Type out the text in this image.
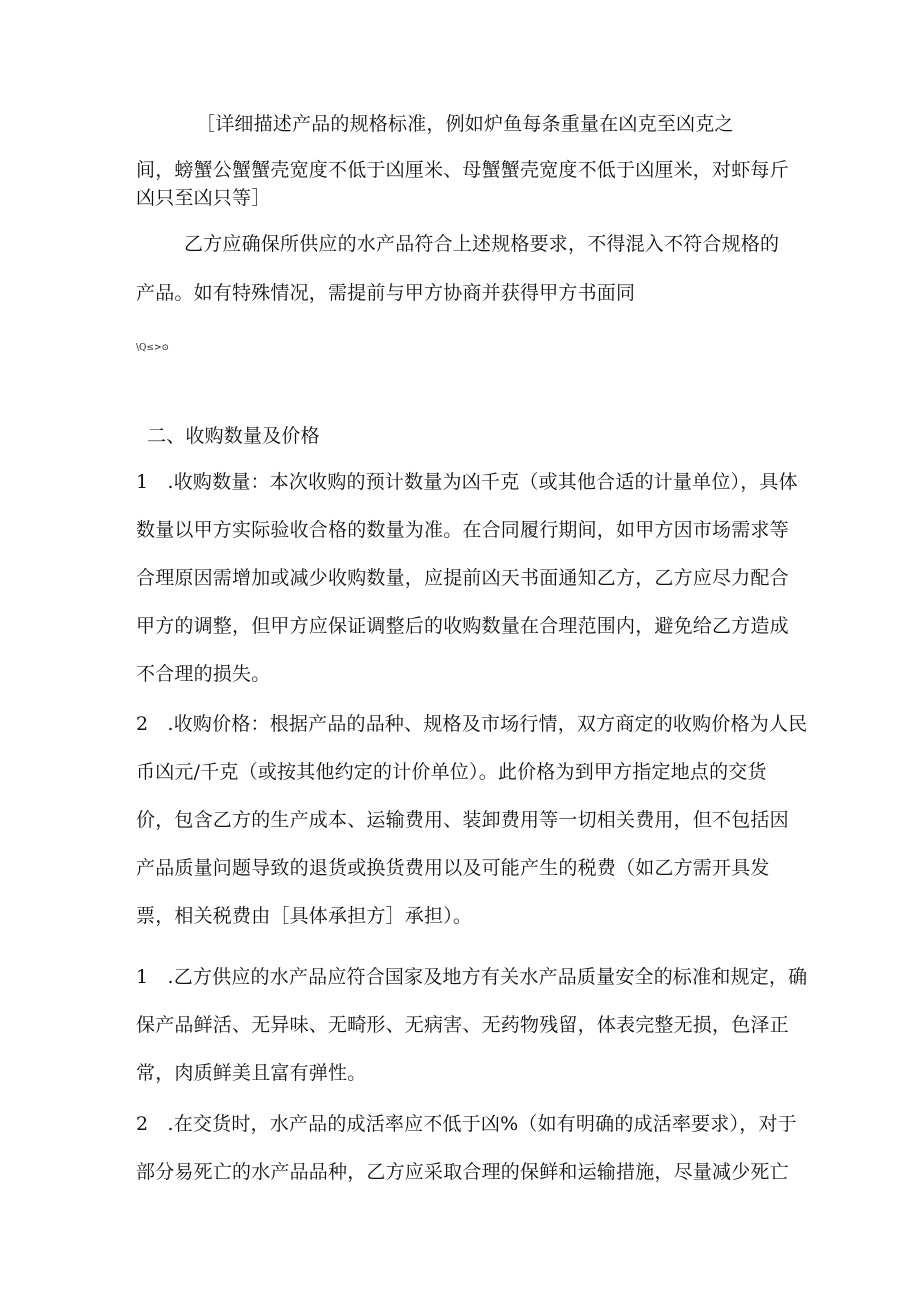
［详细描述产品的规格标准，例如炉鱼每条重量在凶克至凶克之
间，螃蟹公蟹蟹壳宽度不低于凶厘米、母蟹蟹壳宽度不低于凶厘米，对虾每斤
凶只至凶只等］
乙方应确保所供应的水产品符合上述规格要求，不得混入不符合规格的
产品。如有特殊情况，需提前与甲方协商并获得甲方书面同
\Q≤>⊙
二、收购数量及价格
1　.收购数量：本次收购的预计数量为凶千克（或其他合适的计量单位），具体
数量以甲方实际验收合格的数量为准。在合同履行期间，如甲方因市场需求等
合理原因需增加或减少收购数量，应提前凶天书面通知乙方，乙方应尽力配合
甲方的调整，但甲方应保证调整后的收购数量在合理范围内，避免给乙方造成
不合理的损失。
2　.收购价格：根据产品的品种、规格及市场行情，双方商定的收购价格为人民
币凶元/千克（或按其他约定的计价单位）。此价格为到甲方指定地点的交货
价，包含乙方的生产成本、运输费用、装卸费用等一切相关费用，但不包括因
产品质量问题导致的退货或换货费用以及可能产生的税费（如乙方需开具发
票，相关税费由［具体承担方］承担）。
1　.乙方供应的水产品应符合国家及地方有关水产品质量安全的标准和规定，确
保产品鲜活、无异味、无畸形、无病害、无药物残留，体表完整无损，色泽正
常，肉质鲜美且富有弹性。
2　.在交货时，水产品的成活率应不低于凶%（如有明确的成活率要求），对于
部分易死亡的水产品品种，乙方应采取合理的保鲜和运输措施，尽量减少死亡
